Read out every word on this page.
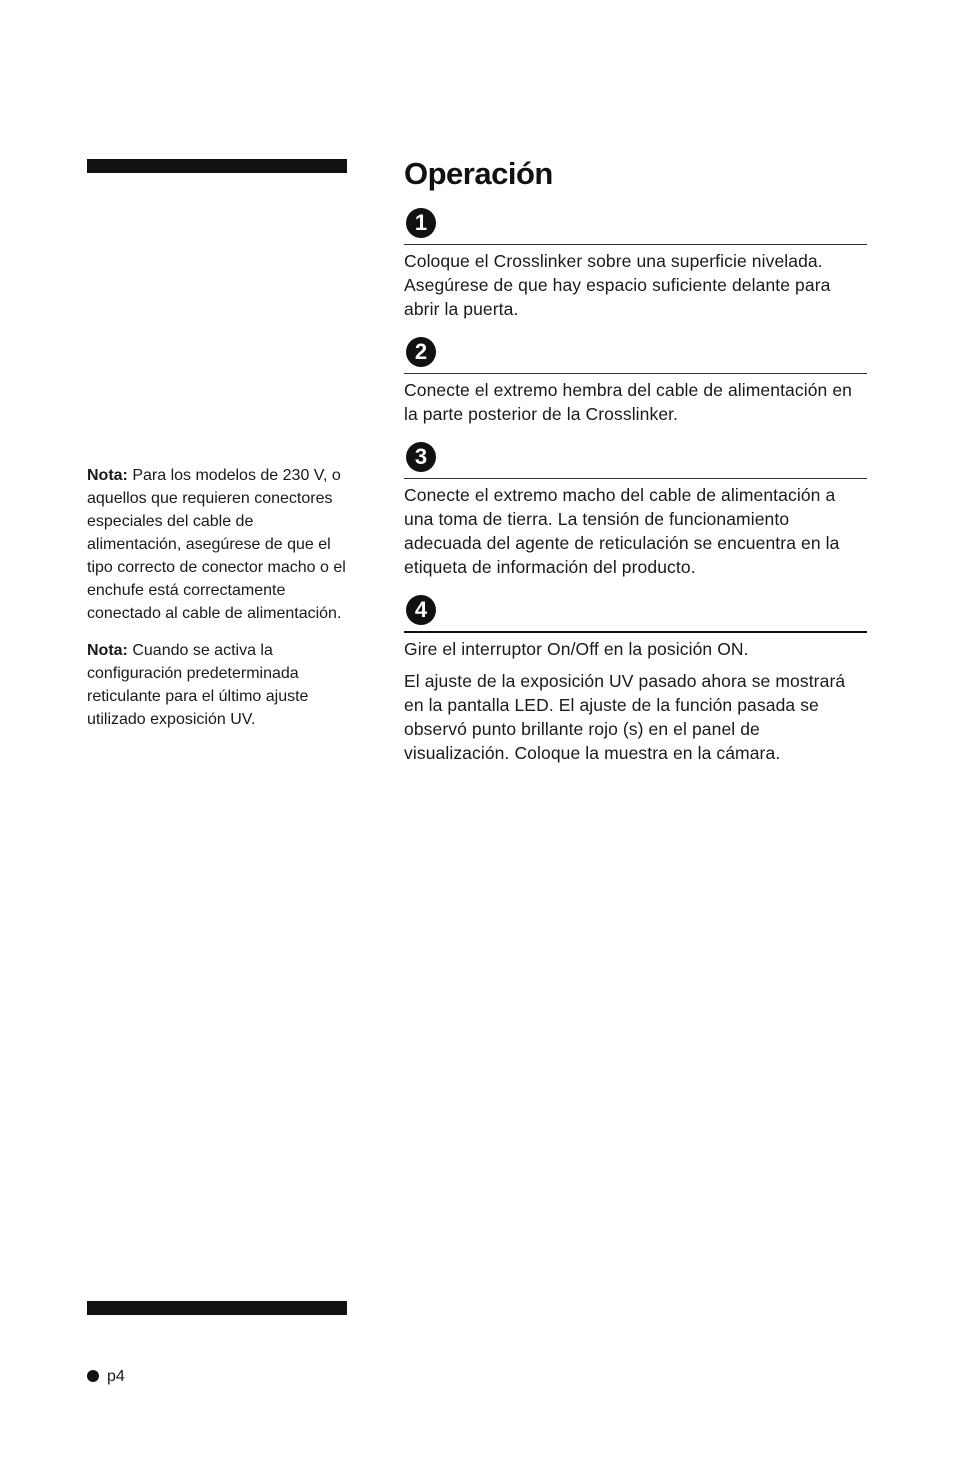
Nota: Para los modelos de 230 V, o aquellos que requieren conectores especiales del cable de alimentación, asegúrese de que el tipo correcto de conector macho o el enchufe está correctamente conectado al cable de alimentación.

Nota: Cuando se activa la configuración predeterminada reticulante para el último ajuste utilizado exposición UV.

Operación
1

Coloque el Crosslinker sobre una superficie nivelada. Asegúrese de que hay espacio suficiente delante para abrir la puerta.

2

Conecte el extremo hembra del cable de alimentación en la parte posterior de la Crosslinker.

3

Conecte el extremo macho del cable de alimentación a una toma de tierra. La tensión de funcionamiento adecuada del agente de reticulación se encuentra en la etiqueta de información del producto.

4

Gire el interruptor On/Off en la posición ON.

El ajuste de la exposición UV pasado ahora se mostrará en la pantalla LED. El ajuste de la función pasada se observó punto brillante rojo (s) en el panel de visualización. Coloque la muestra en la cámara.

p4
